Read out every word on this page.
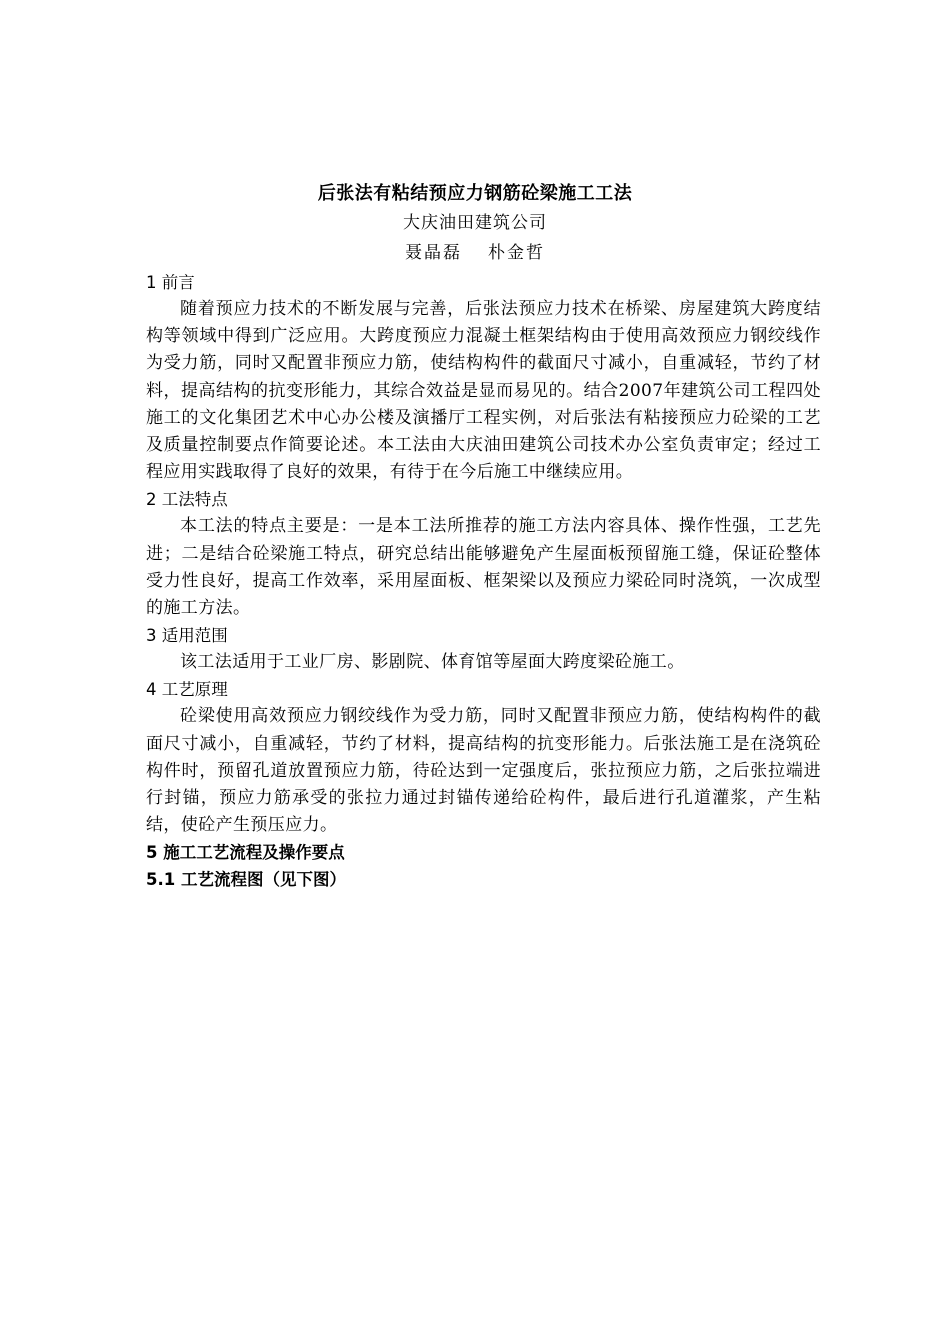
后张法有粘结预应力钢筋砼梁施工工法
大庆油田建筑公司
聂晶磊 朴金哲

1 前言

随着预应力技术的不断发展与完善，后张法预应力技术在桥梁、房屋建筑大跨度结构等领域中得到广泛应用。大跨度预应力混凝土框架结构由于使用高效预应力钢绞线作为受力筋，同时又配置非预应力筋，使结构构件的截面尺寸减小，自重减轻，节约了材料，提高结构的抗变形能力，其综合效益是显而易见的。结合2007年建筑公司工程四处施工的文化集团艺术中心办公楼及演播厅工程实例，对后张法有粘接预应力砼梁的工艺及质量控制要点作简要论述。本工法由大庆油田建筑公司技术办公室负责审定；经过工程应用实践取得了良好的效果，有待于在今后施工中继续应用。

2 工法特点

本工法的特点主要是：一是本工法所推荐的施工方法内容具体、操作性强，工艺先进；二是结合砼梁施工特点，研究总结出能够避免产生屋面板预留施工缝，保证砼整体受力性良好，提高工作效率，采用屋面板、框架梁以及预应力梁砼同时浇筑，一次成型的施工方法。

3 适用范围

该工法适用于工业厂房、影剧院、体育馆等屋面大跨度梁砼施工。

4 工艺原理

砼梁使用高效预应力钢绞线作为受力筋，同时又配置非预应力筋，使结构构件的截面尺寸减小，自重减轻，节约了材料，提高结构的抗变形能力。后张法施工是在浇筑砼构件时，预留孔道放置预应力筋，待砼达到一定强度后，张拉预应力筋，之后张拉端进行封锚，预应力筋承受的张拉力通过封锚传递给砼构件，最后进行孔道灌浆，产生粘结，使砼产生预压应力。

5 施工工艺流程及操作要点

5.1 工艺流程图（见下图）
